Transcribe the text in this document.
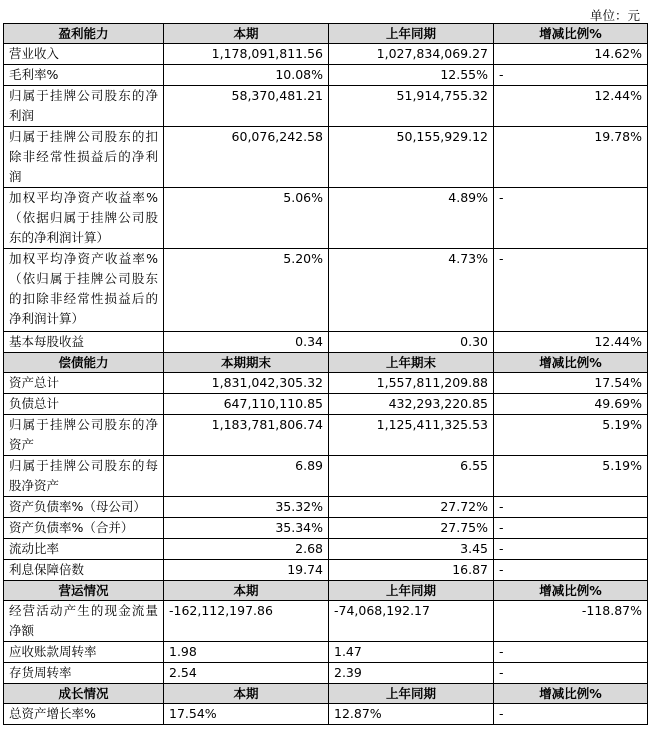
单位：元
盈利能力	本期	上年同期	增减比例%
营业收入	1,178,091,811.56	1,027,834,069.27	14.62%
毛利率%	10.08%	12.55%	-
归属于挂牌公司股东的净利润	58,370,481.21	51,914,755.32	12.44%
归属于挂牌公司股东的扣除非经常性损益后的净利润	60,076,242.58	50,155,929.12	19.78%
加权平均净资产收益率%（依据归属于挂牌公司股东的净利润计算）	5.06%	4.89%	-
加权平均净资产收益率%（依归属于挂牌公司股东的扣除非经常性损益后的净利润计算）	5.20%	4.73%	-
基本每股收益	0.34	0.30	12.44%
偿债能力	本期期末	上年期末	增减比例%
资产总计	1,831,042,305.32	1,557,811,209.88	17.54%
负债总计	647,110,110.85	432,293,220.85	49.69%
归属于挂牌公司股东的净资产	1,183,781,806.74	1,125,411,325.53	5.19%
归属于挂牌公司股东的每股净资产	6.89	6.55	5.19%
资产负债率%（母公司）	35.32%	27.72%	-
资产负债率%（合并）	35.34%	27.75%	-
流动比率	2.68	3.45	-
利息保障倍数	19.74	16.87	-
营运情况	本期	上年同期	增减比例%
经营活动产生的现金流量净额	-162,112,197.86	-74,068,192.17	-118.87%
应收账款周转率	1.98	1.47	-
存货周转率	2.54	2.39	-
成长情况	本期	上年同期	增减比例%
总资产增长率%	17.54%	12.87%	-
